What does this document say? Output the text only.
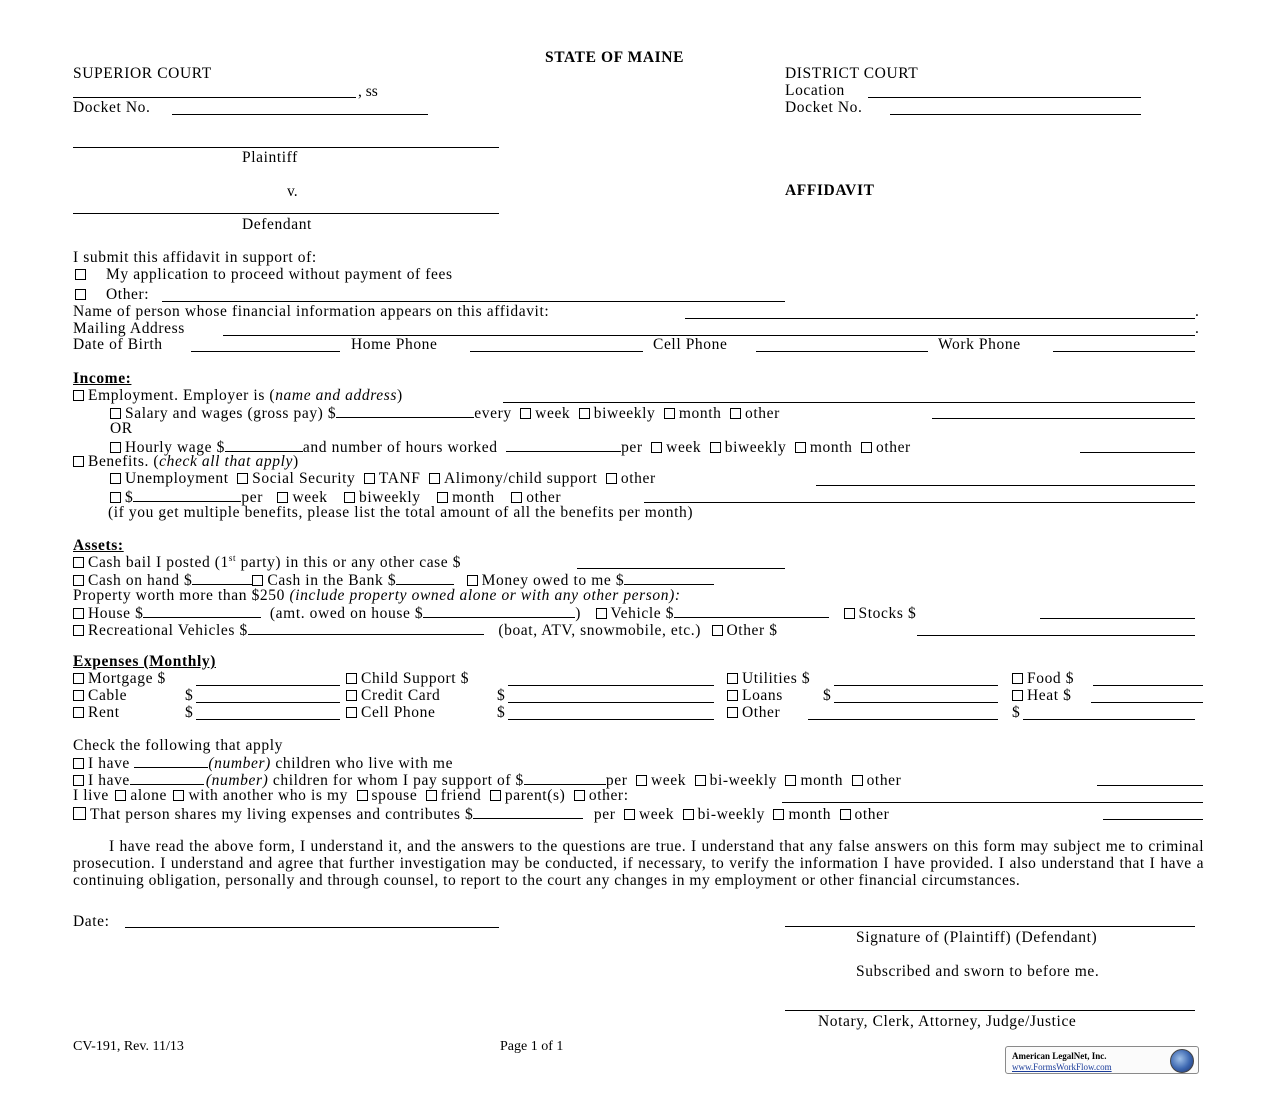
STATE OF MAINE
SUPERIOR COURT
, ss
Docket No.
DISTRICT COURT
Location
Docket No.
Plaintiff
v.	AFFIDAVIT
Defendant
I submit this affidavit in support of:
My application to proceed without payment of fees
Other:
Name of person whose financial information appears on this affidavit:	.
Mailing Address	.
Date of Birth	Home Phone	Cell Phone	Work Phone
Income:
Employment. Employer is (name and address)
Salary and wages (gross pay) $	every week biweekly month other
OR
Hourly wage $	and number of hours worked	per week biweekly month other
Benefits. (check all that apply)
Unemployment Social Security TANF Alimony/child support other
$	per week biweekly month other
(if you get multiple benefits, please list the total amount of all the benefits per month)
Assets:
Cash bail I posted (1st party) in this or any other case $
Cash on hand $	Cash in the Bank $	Money owed to me $
Property worth more than $250 (include property owned alone or with any other person):
House $	(amt. owed on house $	) Vehicle $	Stocks $
Recreational Vehicles $	(boat, ATV, snowmobile, etc.) Other $
Expenses (Monthly)
Mortgage $	Child Support $	Utilities $	Food $
Cable	$	Credit Card	$	Loans	$	Heat $
Rent	$	Cell Phone	$	Other	$
Check the following that apply
I have	(number) children who live with me
I have	(number) children for whom I pay support of $	per week bi-weekly month other
I live alone with another who is my spouse friend parent(s) other:
That person shares my living expenses and contributes $	per week bi-weekly month other
I have read the above form, I understand it, and the answers to the questions are true. I understand that any false answers on this form may subject me to criminal prosecution. I understand and agree that further investigation may be conducted, if necessary, to verify the information I have provided. I also understand that I have a continuing obligation, personally and through counsel, to report to the court any changes in my employment or other financial circumstances.
Date:
Signature of (Plaintiff) (Defendant)
Subscribed and sworn to before me.
Notary, Clerk, Attorney, Judge/Justice
CV-191, Rev. 11/13	Page 1 of 1
American LegalNet, Inc.
www.FormsWorkFlow.com
